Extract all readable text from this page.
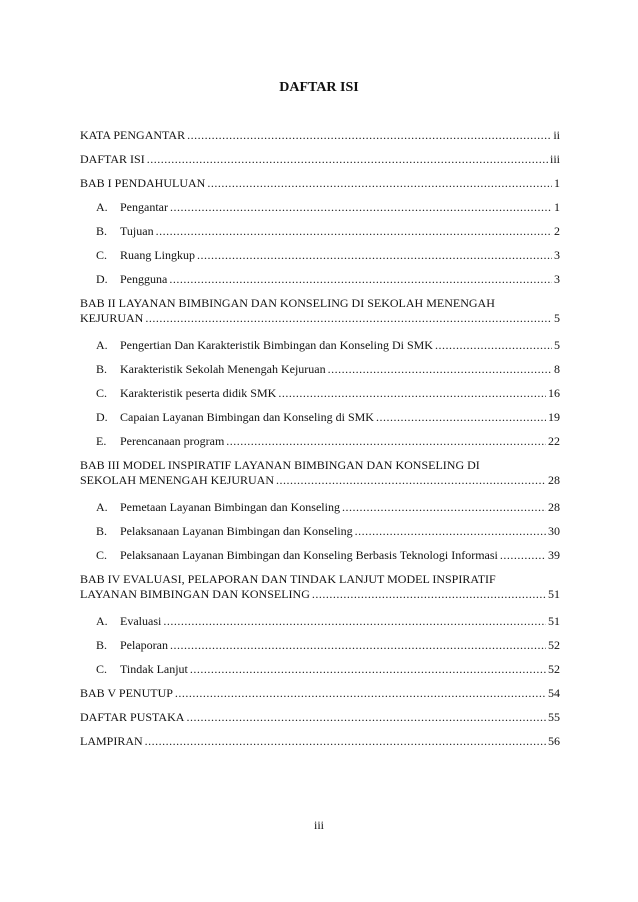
DAFTAR ISI
KATA PENGANTAR .....	ii
DAFTAR ISI .....	iii
BAB I PENDAHULUAN .....	1
A.	Pengantar .....	1
B.	Tujuan .....	2
C.	Ruang Lingkup .....	3
D.	Pengguna .....	3
BAB II LAYANAN BIMBINGAN DAN KONSELING DI SEKOLAH MENENGAH
KEJURUAN .....	5
A.	Pengertian Dan Karakteristik Bimbingan dan Konseling Di SMK .....	5
B.	Karakteristik Sekolah Menengah Kejuruan .....	8
C.	Karakteristik peserta didik SMK .....	16
D.	Capaian Layanan Bimbingan dan Konseling di SMK .....	19
E.	Perencanaan program .....	22
BAB III MODEL INSPIRATIF LAYANAN BIMBINGAN DAN KONSELING DI
SEKOLAH MENENGAH KEJURUAN .....	28
A.	Pemetaan Layanan Bimbingan dan Konseling .....	28
B.	Pelaksanaan Layanan Bimbingan dan Konseling .....	30
C.	Pelaksanaan Layanan Bimbingan dan Konseling Berbasis Teknologi Informasi .....	39
BAB IV EVALUASI, PELAPORAN DAN TINDAK LANJUT MODEL INSPIRATIF
LAYANAN BIMBINGAN DAN KONSELING .....	51
A.	Evaluasi .....	51
B.	Pelaporan .....	52
C.	Tindak Lanjut .....	52
BAB V PENUTUP .....	54
DAFTAR PUSTAKA .....	55
LAMPIRAN .....	56
iii
